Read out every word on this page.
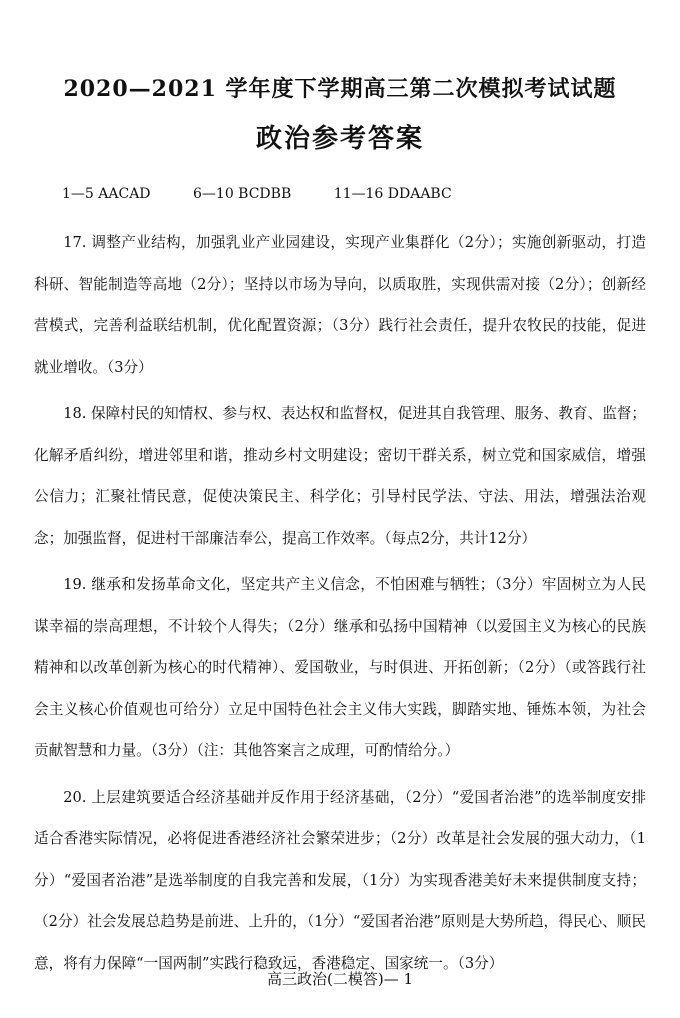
2020—2021 学年度下学期高三第二次模拟考试试题
政治参考答案
1—5 AACAD	6—10 BCDBB	11—16 DDAABC

17. 调整产业结构，加强乳业产业园建设，实现产业集群化（2分）；实施创新驱动，打造科研、智能制造等高地（2分）；坚持以市场为导向，以质取胜，实现供需对接（2分）；创新经营模式，完善利益联结机制，优化配置资源；（3分）践行社会责任，提升农牧民的技能，促进就业增收。（3分）

18. 保障村民的知情权、参与权、表达权和监督权，促进其自我管理、服务、教育、监督；化解矛盾纠纷，增进邻里和谐，推动乡村文明建设；密切干群关系，树立党和国家威信，增强公信力；汇聚社情民意，促使决策民主、科学化；引导村民学法、守法、用法，增强法治观念；加强监督，促进村干部廉洁奉公，提高工作效率。（每点2分，共计12分）

19. 继承和发扬革命文化，坚定共产主义信念，不怕困难与牺牲；（3分）牢固树立为人民谋幸福的崇高理想，不计较个人得失；（2分）继承和弘扬中国精神（以爱国主义为核心的民族精神和以改革创新为核心的时代精神）、爱国敬业，与时俱进、开拓创新；（2分）（或答践行社会主义核心价值观也可给分）立足中国特色社会主义伟大实践，脚踏实地、锤炼本领，为社会贡献智慧和力量。（3分）（注：其他答案言之成理，可酌情给分。）

20. 上层建筑要适合经济基础并反作用于经济基础，（2分）“爱国者治港”的选举制度安排适合香港实际情况，必将促进香港经济社会繁荣进步；（2分）改革是社会发展的强大动力，（1分）“爱国者治港”是选举制度的自我完善和发展，（1分）为实现香港美好未来提供制度支持；（2分）社会发展总趋势是前进、上升的，（1分）“爱国者治港”原则是大势所趋，得民心、顺民意，将有力保障“一国两制”实践行稳致远，香港稳定、国家统一。（3分）

高三政治(二模答)— 1
